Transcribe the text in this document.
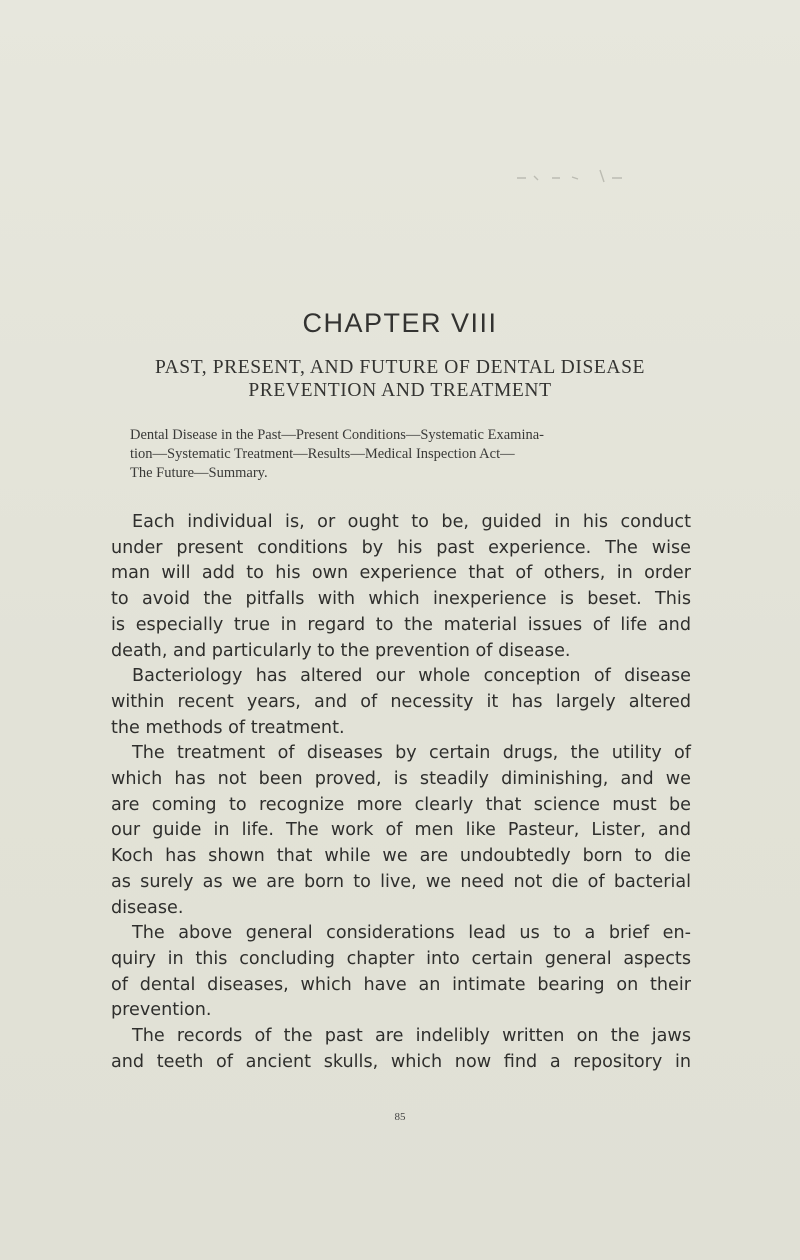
CHAPTER VIII
PAST, PRESENT, AND FUTURE OF DENTAL DISEASE
PREVENTION AND TREATMENT
Dental Disease in the Past—Present Conditions—Systematic Examina-
tion—Systematic Treatment—Results—Medical Inspection Act—
The Future—Summary.
Each individual is, or ought to be, guided in his conduct
under present conditions by his past experience. The wise
man will add to his own experience that of others, in order
to avoid the pitfalls with which inexperience is beset. This
is especially true in regard to the material issues of life and
death, and particularly to the prevention of disease.
Bacteriology has altered our whole conception of disease
within recent years, and of necessity it has largely altered
the methods of treatment.
The treatment of diseases by certain drugs, the utility of
which has not been proved, is steadily diminishing, and we
are coming to recognize more clearly that science must be
our guide in life. The work of men like Pasteur, Lister, and
Koch has shown that while we are undoubtedly born to die
as surely as we are born to live, we need not die of bacterial
disease.
The above general considerations lead us to a brief en-
quiry in this concluding chapter into certain general aspects
of dental diseases, which have an intimate bearing on their
prevention.
The records of the past are indelibly written on the jaws
and teeth of ancient skulls, which now find a repository in
85
